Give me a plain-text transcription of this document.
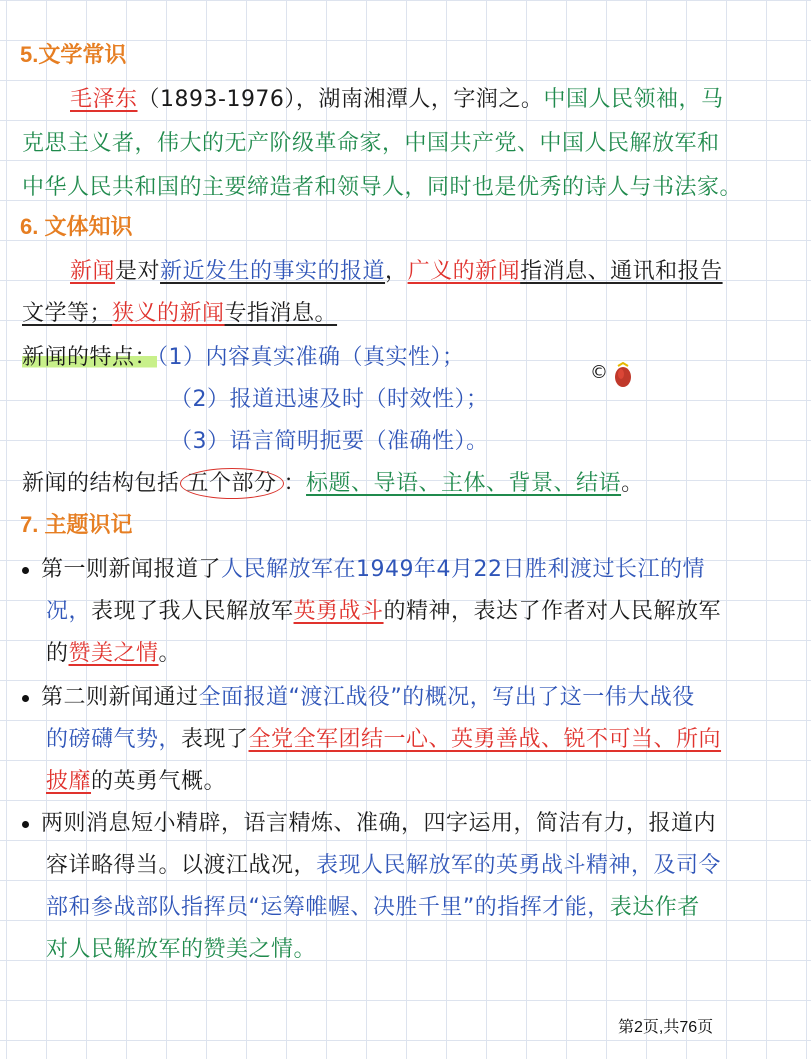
5.文学常识
毛泽东（1893-1976），湖南湘潭人，字润之。中国人民领袖，马
克思主义者，伟大的无产阶级革命家，中国共产党、中国人民解放军和
中华人民共和国的主要缔造者和领导人，同时也是优秀的诗人与书法家。
6. 文体知识
新闻是对新近发生的事实的报道，广义的新闻指消息、通讯和报告
文学等；狭义的新闻专指消息。
新闻的特点：（1）内容真实准确（真实性）；
（2）报道迅速及时（时效性）；
（3）语言简明扼要（准确性）。
©
新闻的结构包括 五个部分 ：标题、导语、主体、背景、结语。
7. 主题识记
第一则新闻报道了人民解放军在1949年4月22日胜利渡过长江的情
况，表现了我人民解放军英勇战斗的精神，表达了作者对人民解放军
的赞美之情。
第二则新闻通过全面报道“渡江战役”的概况，写出了这一伟大战役
的磅礴气势，表现了全党全军团结一心、英勇善战、锐不可当、所向
披靡的英勇气概。
两则消息短小精辟，语言精炼、准确，四字运用，简洁有力，报道内
容详略得当。以渡江战况，表现人民解放军的英勇战斗精神，及司令
部和参战部队指挥员“运筹帷幄、决胜千里”的指挥才能，表达作者
对人民解放军的赞美之情。
第2页,共76页
